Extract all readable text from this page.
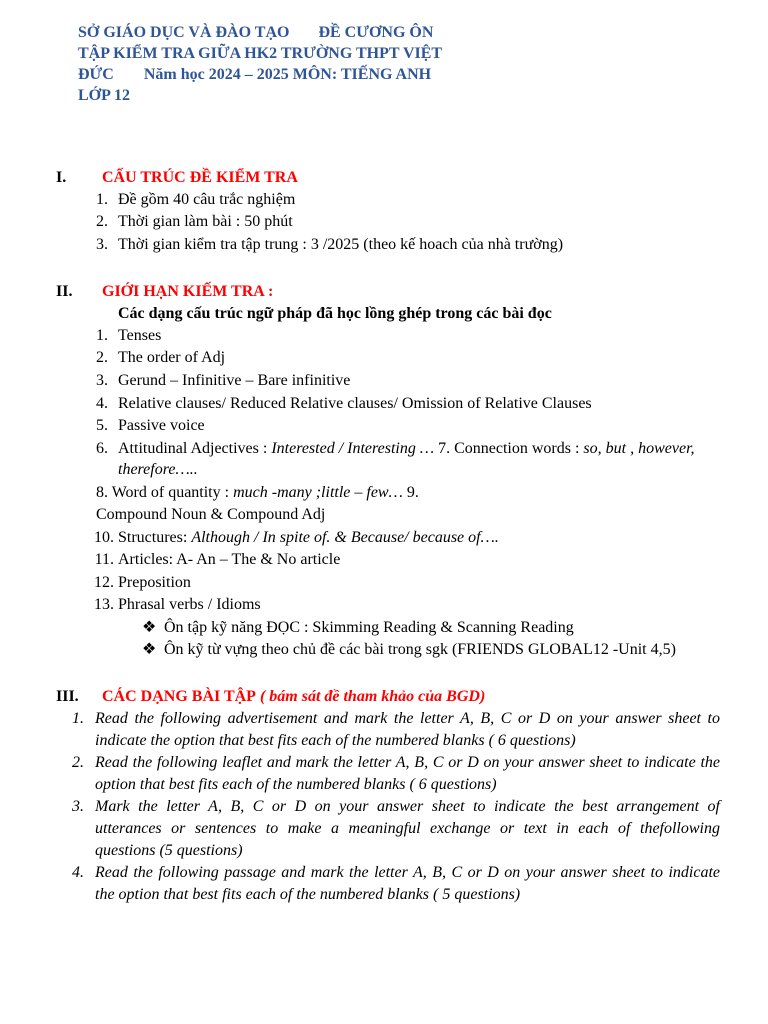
SỞ GIÁO DỤC VÀ ĐÀO TẠO ĐỀ CƯƠNG ÔN
TẬP KIỂM TRA GIỮA HK2 TRƯỜNG THPT VIỆT
ĐỨC Năm học 2024 – 2025 MÔN: TIẾNG ANH
LỚP 12
I. CẤU TRÚC ĐỀ KIỂM TRA
1. Đề gồm 40 câu trắc nghiệm
2. Thời gian làm bài : 50 phút
3. Thời gian kiểm tra tập trung : 3 /2025 (theo kế hoach của nhà trường)
II. GIỚI HẠN KIẾM TRA :
Các dạng cấu trúc ngữ pháp đã học lồng ghép trong các bài đọc
1. Tenses
2. The order of Adj
3. Gerund – Infinitive – Bare infinitive
4. Relative clauses/ Reduced Relative clauses/ Omission of Relative Clauses
5. Passive voice
6. Attitudinal Adjectives : Interested / Interesting … 7. Connection words : so, but , however,
therefore…..
8. Word of quantity : much -many ;little – few… 9.
Compound Noun & Compound Adj
10. Structures: Although / In spite of. & Because/ because of….
11. Articles: A- An – The & No article
12. Preposition
13. Phrasal verbs / Idioms
❖ Ôn tập kỹ năng ĐỌC : Skimming Reading & Scanning Reading
❖ Ôn kỹ từ vựng theo chủ đề các bài trong sgk (FRIENDS GLOBAL12 -Unit 4,5)
III. CÁC DẠNG BÀI TẬP ( bám sát đề tham khảo của BGD)
1. Read the following advertisement and mark the letter A, B, C or D on your answer sheet to
indicate the option that best fits each of the numbered blanks ( 6 questions)
2. Read the following leaflet and mark the letter A, B, C or D on your answer sheet to indicate the
option that best fits each of the numbered blanks ( 6 questions)
3. Mark the letter A, B, C or D on your answer sheet to indicate the best arrangement of
utterances or sentences to make a meaningful exchange or text in each of thefollowing
questions (5 questions)
4. Read the following passage and mark the letter A, B, C or D on your answer sheet to indicate
the option that best fits each of the numbered blanks ( 5 questions)
